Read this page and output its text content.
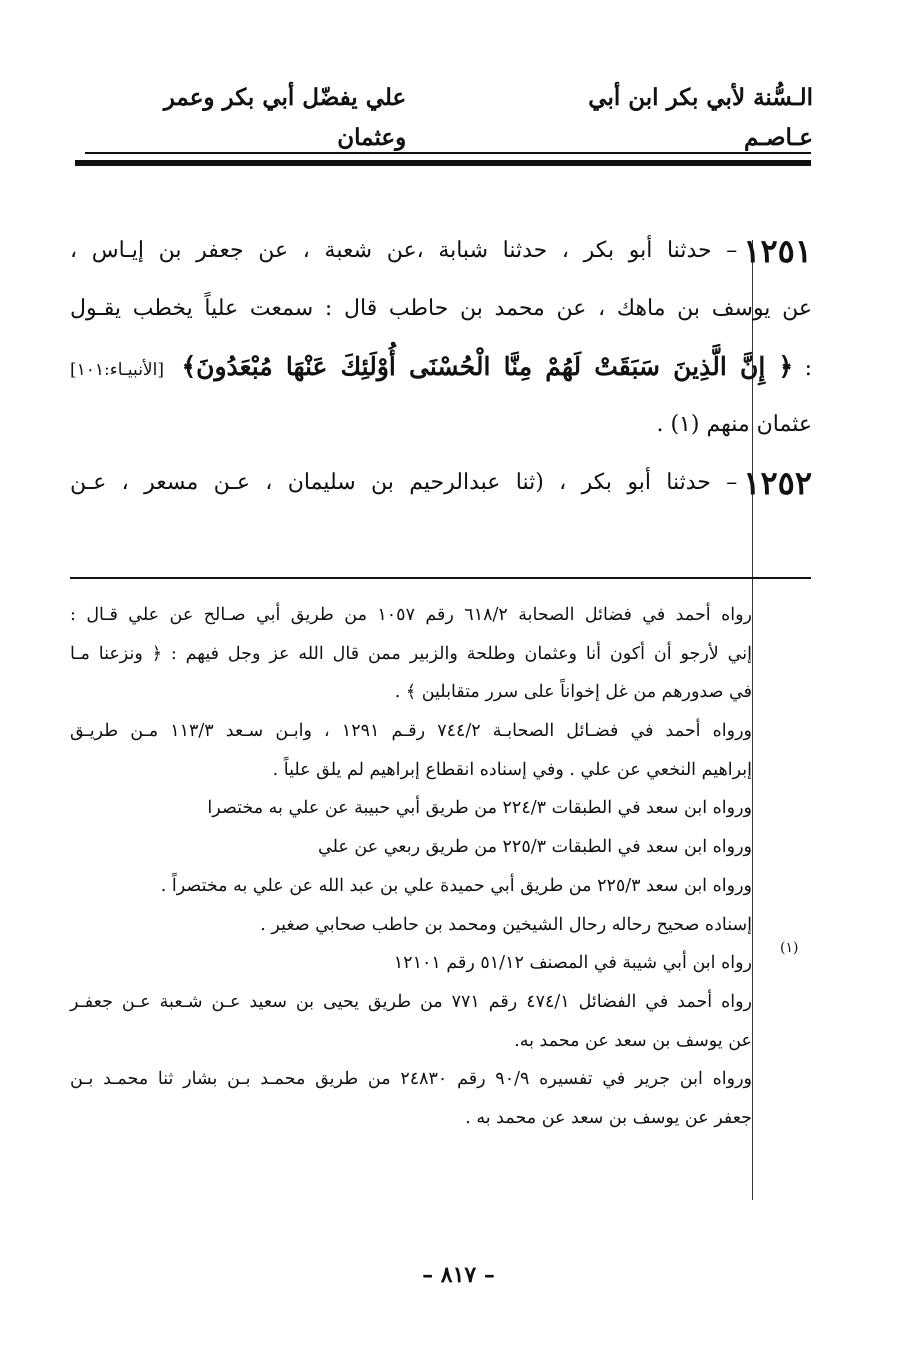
الـسُّنة لأبي بكر ابن أبي عـاصـم
علي يفضّل أبي بكر وعمر وعثمان
١٢٥١
– حدثنا أبو بكر ، حدثنا شبابة ،عن شعبة ، عن جعفر بن إيـاس ،
عن يوسف بن ماهك ، عن محمد بن حاطب قال : سمعت علياً يخطب يقـول
: ﴿ إِنَّ الَّذِينَ سَبَقَتْ لَهُمْ مِنَّا الْحُسْنَى أُوْلَئِكَ عَنْهَا مُبْعَدُونَ﴾ [الأنبيـاء:١٠١]
عثمان منهم (١) .
١٢٥٢
– حدثنا أبو بكر ، (ثنا عبدالرحيم بن سليمان ، عـن مسعر ، عـن
(١)
رواه أحمد في فضائل الصحابة ٦١٨/٢ رقم ١٠٥٧ من طريق أبي صـالح عن علي قـال :
إني لأرجو أن أكون أنا وعثمان وطلحة والزبير ممن قال الله عز وجل فيهم : ﴿ ونزعنا مـا
في صدورهم من غل إخواناً على سرر متقابلين ﴾ .
ورواه أحمد في فضـائل الصحابـة ٧٤٤/٢ رقـم ١٢٩١ ، وابـن سـعد ١١٣/٣ مـن طريـق
إبراهيم النخعي عن علي . وفي إسناده انقطاع إبراهيم لم يلق علياً .
ورواه ابن سعد في الطبقات ٢٢٤/٣ من طريق أبي حبيبة عن علي به مختصرا
ورواه ابن سعد في الطبقات ٢٢٥/٣ من طريق ربعي عن علي
ورواه ابن سعد ٢٢٥/٣ من طريق أبي حميدة علي بن عبد الله عن علي به مختصراً .
إسناده صحيح رحاله رحال الشيخين ومحمد بن حاطب صحابي صغير .
رواه ابن أبي شيبة في المصنف ٥١/١٢ رقم ١٢١٠١
رواه أحمد في الفضائل ٤٧٤/١ رقم ٧٧١ من طريق يحيى بن سعيد عـن شـعبة عـن جعفـر
عن يوسف بن سعد عن محمد به.
ورواه ابن جرير في تفسيره ٩٠/٩ رقم ٢٤٨٣٠ من طريق محمـد بـن بشار ثنا محمـد بـن
جعفر عن يوسف بن سعد عن محمد به .
– ٨١٧ –
